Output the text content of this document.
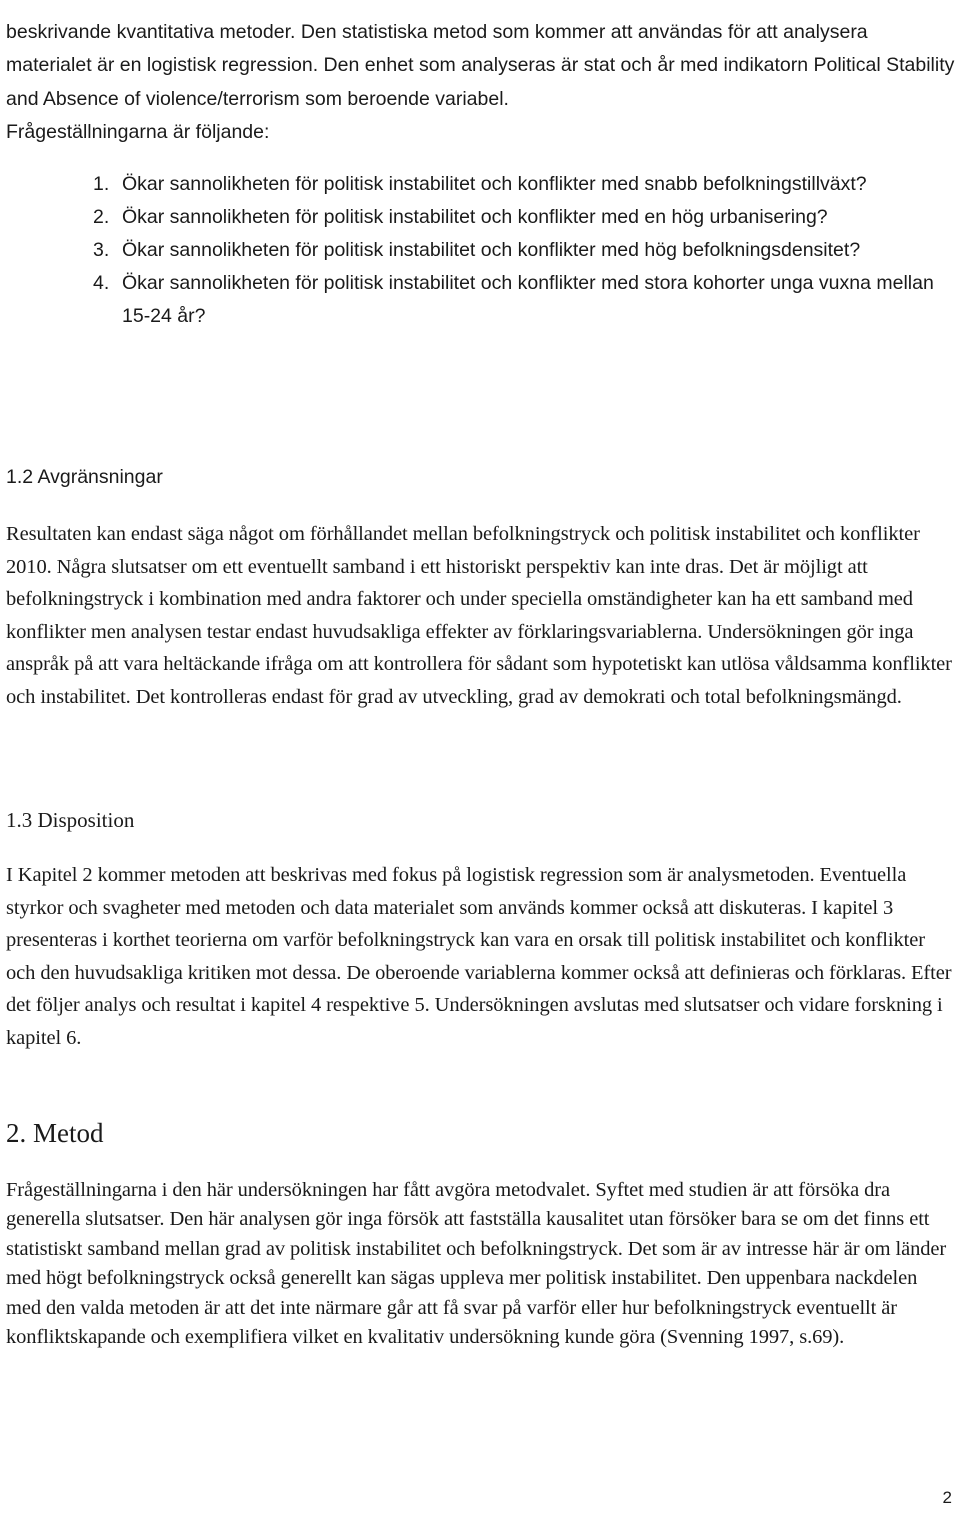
beskrivande kvantitativa metoder. Den statistiska metod som kommer att användas för att analysera materialet är en logistisk regression. Den enhet som analyseras är stat och år med indikatorn Political Stability and Absence of violence/terrorism som beroende variabel.

Frågeställningarna är följande:
1. Ökar sannolikheten för politisk instabilitet och konflikter med snabb befolkningstillväxt?
2. Ökar sannolikheten för politisk instabilitet och konflikter med en hög urbanisering?
3. Ökar sannolikheten för politisk instabilitet och konflikter med hög befolkningsdensitet?
4. Ökar sannolikheten för politisk instabilitet och konflikter med stora kohorter unga vuxna mellan 15-24 år?
1.2 Avgränsningar

Resultaten kan endast säga något om förhållandet mellan befolkningstryck och politisk instabilitet och konflikter 2010. Några slutsatser om ett eventuellt samband i ett historiskt perspektiv kan inte dras. Det är möjligt att befolkningstryck i kombination med andra faktorer och under speciella omständigheter kan ha ett samband med konflikter men analysen testar endast huvudsakliga effekter av förklaringsvariablerna. Undersökningen gör inga anspråk på att vara heltäckande ifråga om att kontrollera för sådant som hypotetiskt kan utlösa våldsamma konflikter och instabilitet. Det kontrolleras endast för grad av utveckling, grad av demokrati och total befolkningsmängd.

1.3 Disposition

I Kapitel 2 kommer metoden att beskrivas med fokus på logistisk regression som är analysmetoden. Eventuella styrkor och svagheter med metoden och data materialet som används kommer också att diskuteras. I kapitel 3 presenteras i korthet teorierna om varför befolkningstryck kan vara en orsak till politisk instabilitet och konflikter och den huvudsakliga kritiken mot dessa. De oberoende variablerna kommer också att definieras och förklaras. Efter det följer analys och resultat i kapitel 4 respektive 5. Undersökningen avslutas med slutsatser och vidare forskning i kapitel 6.

2. Metod

Frågeställningarna i den här undersökningen har fått avgöra metodvalet. Syftet med studien är att försöka dra generella slutsatser. Den här analysen gör inga försök att fastställa kausalitet utan försöker bara se om det finns ett statistiskt samband mellan grad av politisk instabilitet och befolkningstryck. Det som är av intresse här är om länder med högt befolkningstryck också generellt kan sägas uppleva mer politisk instabilitet. Den uppenbara nackdelen med den valda metoden är att det inte närmare går att få svar på varför eller hur befolkningstryck eventuellt är konfliktskapande och exemplifiera vilket en kvalitativ undersökning kunde göra (Svenning 1997, s.69).

2
